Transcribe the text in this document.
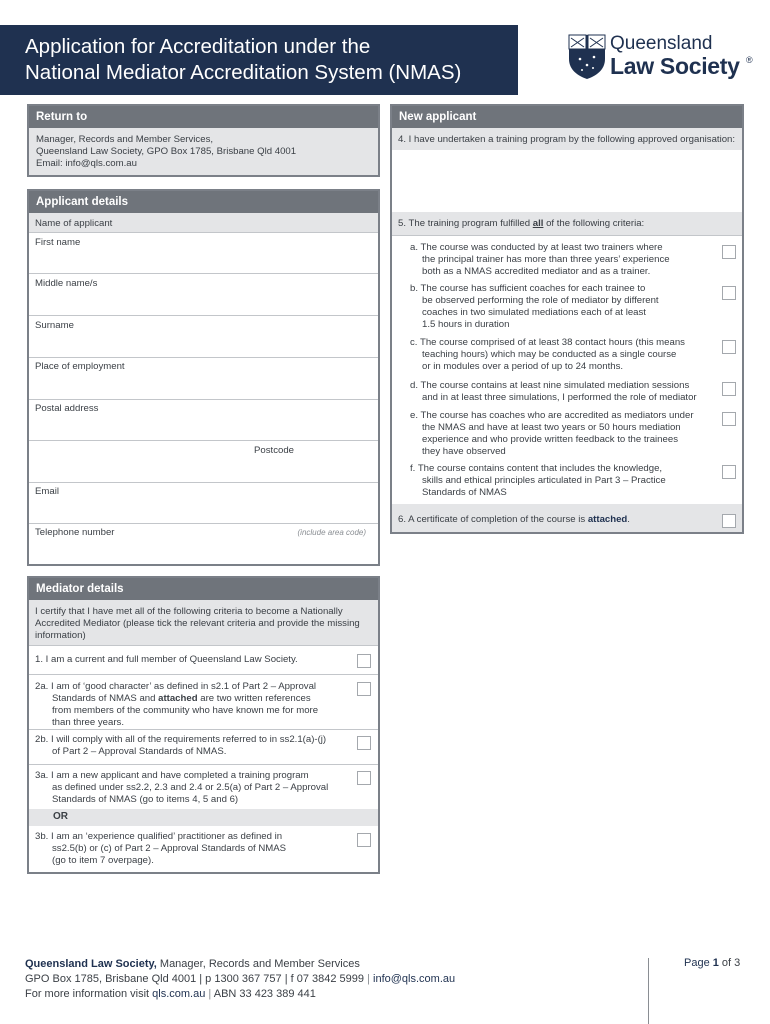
Application for Accreditation under the
National Mediator Accreditation System (NMAS)
Queensland
Law Society ®
Return to
Manager, Records and Member Services,
Queensland Law Society, GPO Box 1785, Brisbane Qld 4001
Email: info@qls.com.au
Applicant details
Name of applicant
First name
Middle name/s
Surname
Place of employment
Postal address
Postcode
Email
Telephone number	(include area code)
Mediator details
I certify that I have met all of the following criteria to become a Nationally
Accredited Mediator (please tick the relevant criteria and provide the missing
information)
1. I am a current and full member of Queensland Law Society.
2a. I am of ‘good character’ as defined in s2.1 of Part 2 – Approval
Standards of NMAS and attached are two written references
from members of the community who have known me for more
than three years.
2b. I will comply with all of the requirements referred to in ss2.1(a)-(j)
of Part 2 – Approval Standards of NMAS.
3a. I am a new applicant and have completed a training program
as defined under ss2.2, 2.3 and 2.4 or 2.5(a) of Part 2 – Approval
Standards of NMAS (go to items 4, 5 and 6)
OR
3b. I am an ‘experience qualified’ practitioner as defined in
ss2.5(b) or (c) of Part 2 – Approval Standards of NMAS
(go to item 7 overpage).
New applicant
4. I have undertaken a training program by the following approved organisation:
5. The training program fulfilled all of the following criteria:
a. The course was conducted by at least two trainers where
the principal trainer has more than three years’ experience
both as a NMAS accredited mediator and as a trainer.
b. The course has sufficient coaches for each trainee to
be observed performing the role of mediator by different
coaches in two simulated mediations each of at least
1.5 hours in duration
c. The course comprised of at least 38 contact hours (this means
teaching hours) which may be conducted as a single course
or in modules over a period of up to 24 months.
d. The course contains at least nine simulated mediation sessions
and in at least three simulations, I performed the role of mediator
e. The course has coaches who are accredited as mediators under
the NMAS and have at least two years or 50 hours mediation
experience and who provide written feedback to the trainees
they have observed
f. The course contains content that includes the knowledge,
skills and ethical principles articulated in Part 3 – Practice
Standards of NMAS
6. A certificate of completion of the course is attached.
Queensland Law Society, Manager, Records and Member Services
GPO Box 1785, Brisbane Qld 4001 | p 1300 367 757 | f 07 3842 5999 | info@qls.com.au
For more information visit qls.com.au | ABN 33 423 389 441
Page 1 of 3
